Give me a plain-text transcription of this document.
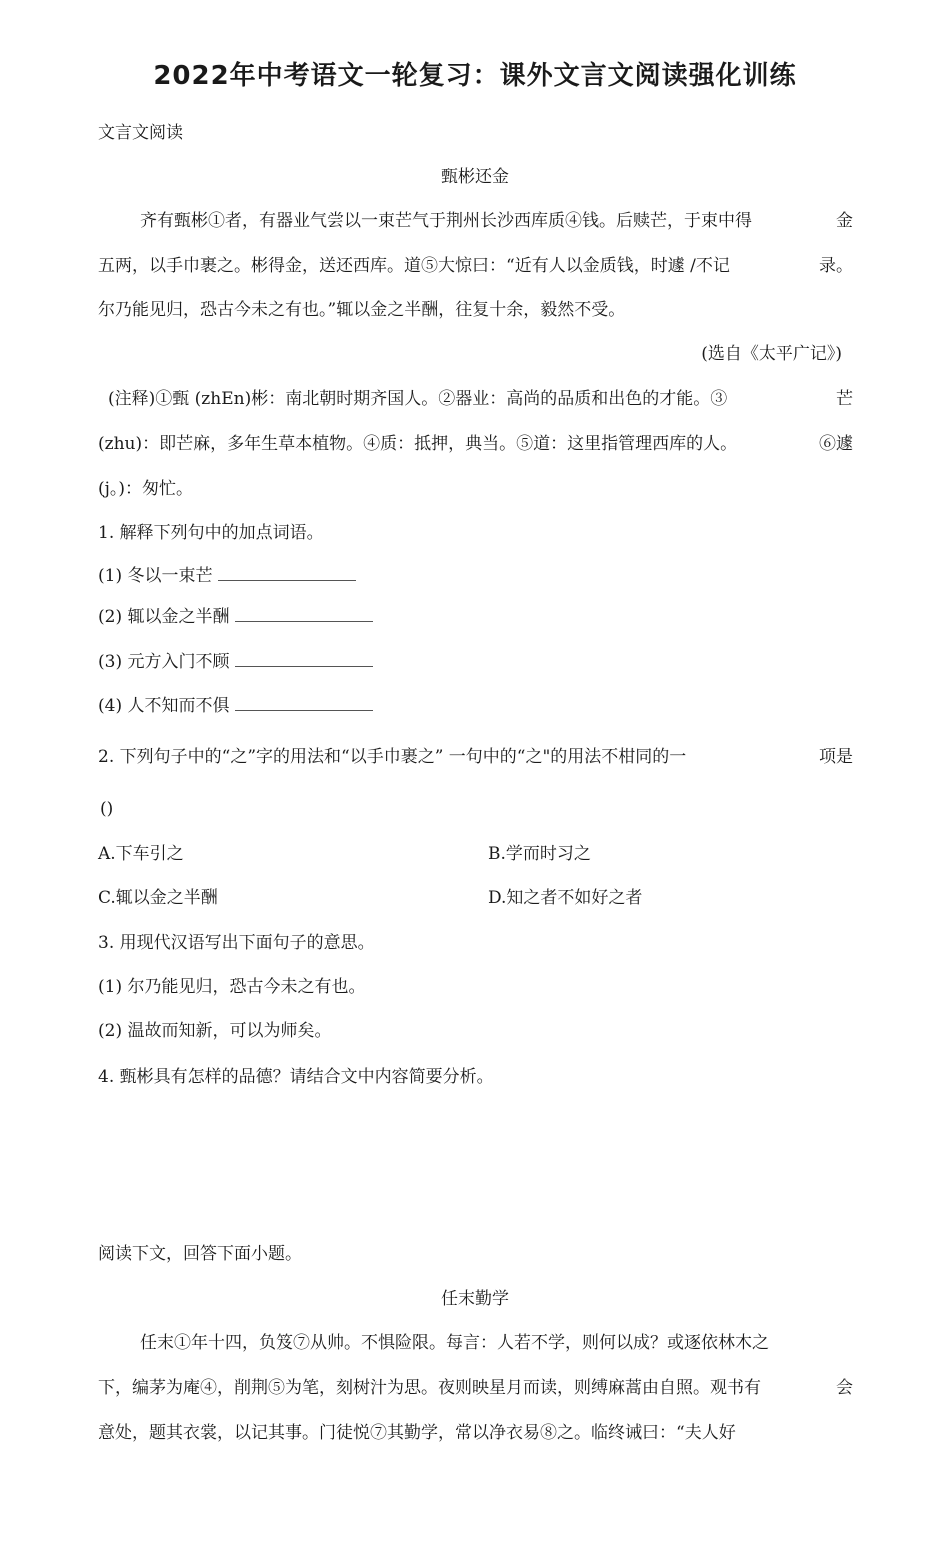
2022年中考语文一轮复习：课外文言文阅读强化训练
文言文阅读
甄彬还金
齐有甄彬①者，有器业气尝以一束芒气于荆州长沙西库质④钱。后赎芒，于束中得	金
五两，以手巾裹之。彬得金，送还西库。道⑤大惊曰：“近有人以金质钱，时遽 /不记	录。
尔乃能见归，恐古今未之有也。”辄以金之半酬，往复十余，毅然不受。
(选自《太平广记》)
(注释)①甄 (zhEn)彬：南北朝时期齐国人。②器业：高尚的品质和出色的才能。③	芒
(zhu)：即芒麻，多年生草本植物。④质：抵押，典当。⑤道：这里指管理西库的人。	⑥遽
(j。)：匆忙。
1. 解释下列句中的加点词语。
(1) 冬以一束芒
(2) 辄以金之半酬
(3) 元方入门不顾
(4) 人不知而不俱
2. 下列句子中的“之”字的用法和“以手巾裹之” 一句中的“之"的用法不柑同的一	项是
()
A.下车引之	B.学而时习之
C.辄以金之半酬	D.知之者不如好之者
3. 用现代汉语写出下面句子的意思。
(1) 尔乃能见归，恐古今未之有也。
(2) 温故而知新，可以为师矣。
4. 甄彬具有怎样的品德？请结合文中内容简要分析。
阅读下文，回答下面小题。
任末勤学
任末①年十四，负笈⑦从帅。不惧险限。每言：人若不学，则何以成？或逐依林木之
下，编茅为庵④，削荆⑤为笔，刻树汁为思。夜则映星月而读，则缚麻蒿由自照。观书有	会
意处，题其衣裳，以记其事。门徒悦⑦其勤学，常以净衣易⑧之。临终诫曰：“夫人好
